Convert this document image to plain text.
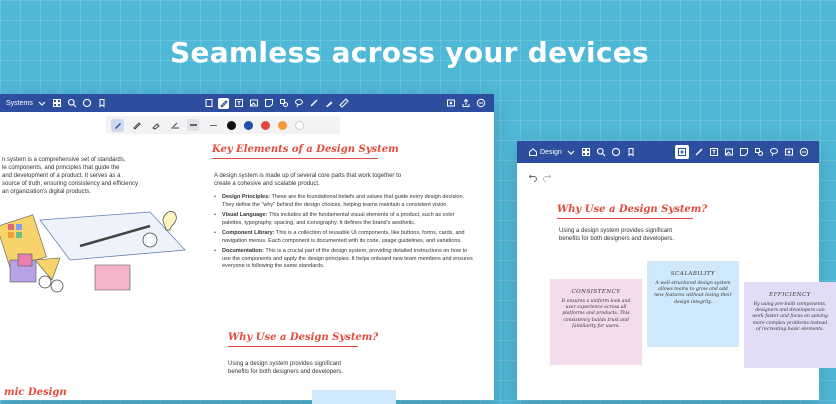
Seamless across your devices
Systems
n system is a comprehensive set of standards,
le components, and principles that guide the
and development of a product. It serves as a
source of truth, ensuring consistency and efficiency
an organization's digital products.
Key Elements of a Design System
A design system is made up of several core parts that work together to
create a cohesive and scalable product.
• Design Principles: These are the foundational beliefs and values that guide every design decision. They define the "why" behind the design choices, helping teams maintain a consistent vision.
• Visual Language: This includes all the fundamental visual elements of a product, such as color palettes, typography, spacing, and iconography. It defines the brand's aesthetic.
• Component Library: This is a collection of reusable UI components, like buttons, forms, cards, and navigation menus. Each component is documented with its code, usage guidelines, and variations.
• Documentation: This is a crucial part of the design system, providing detailed instructions on how to use the components and apply the design principles. It helps onboard new team members and ensures everyone is following the same standards.
Why Use a Design System?
Using a design system provides significant
benefits for both designers and developers.
mic Design
Design
Why Use a Design System?
Using a design system provides significant
benefits for both designers and developers.
CONSISTENCY
It ensures a uniform look and user experience across all platforms and products. This consistency builds trust and familiarity for users.
SCALABILITY
A well-structured design system allows teams to grow and add new features without losing their design integrity.
EFFICIENCY
By using pre-built components, designers and developers can work faster and focus on solving more complex problems instead of recreating basic elements.
